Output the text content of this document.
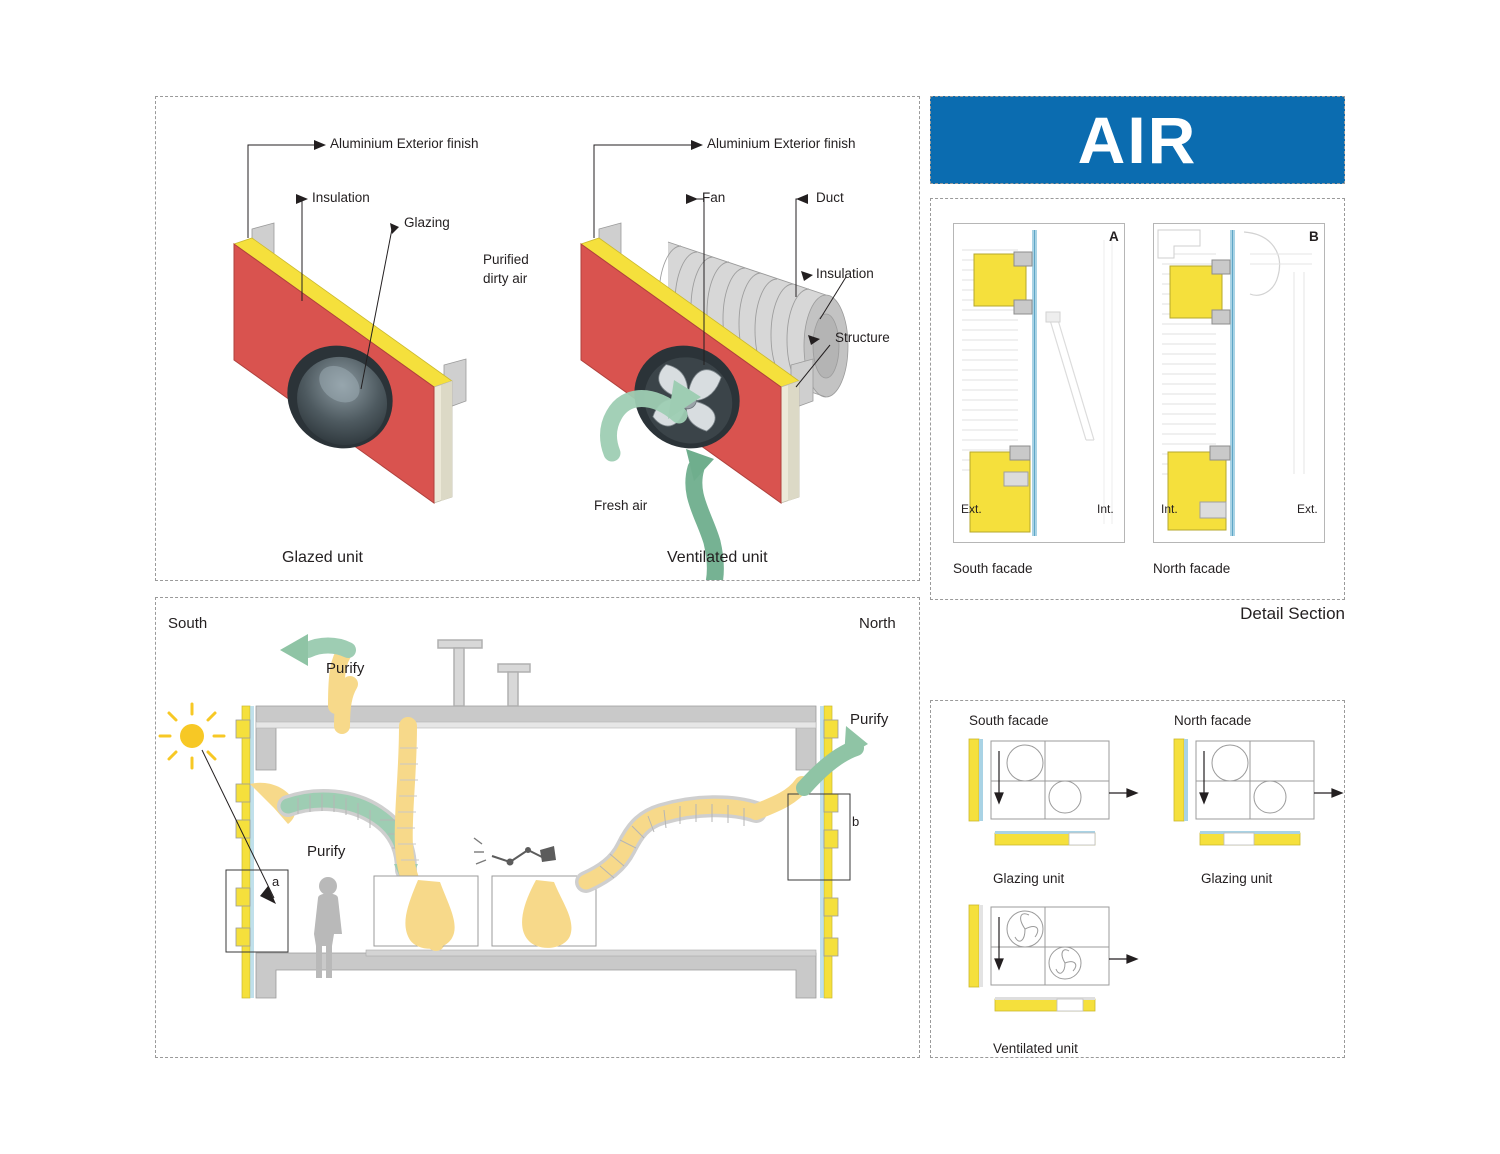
AIR
Aluminium Exterior finish
Insulation
Glazing
Aluminium Exterior finish
Fan	Duct
Insulation
Structure
Purified
dirty air
Fresh air
Glazed unit	Ventilated unit
South	North
Purify
Purify
Purify
a
b
A
Ext.	Int.
South facade
B
Int.	Ext.
North facade
Detail Section
South facade	North facade
Glazing unit	Glazing unit
Ventilated unit
